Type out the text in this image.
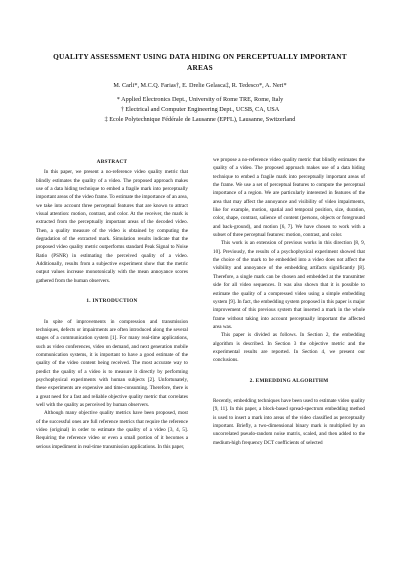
QUALITY ASSESSMENT USING DATA HIDING ON PERCEPTUALLY IMPORTANT AREAS
M. Carli*, M.C.Q. Farias†, E. Drelie Gelasca‡, R. Tedesco*, A. Neri*
* Applied Electronics Dept., University of Rome TRE, Rome, Italy
† Electrical and Computer Engineering Dept., UCSB, CA, USA
‡ Ecole Polytechnique Fédérale de Lausanne (EPFL), Lausanne, Switzerland
ABSTRACT

In this paper, we present a no-reference video quality metric that blindly estimates the quality of a video. The proposed approach makes use of a data hiding technique to embed a fragile mark into perceptually important areas of the video frame. To estimate the importance of an area, we take into account three perceptual features that are known to attract visual attention: motion, contrast, and color. At the receiver, the mark is extracted from the perceptually important areas of the decoded video. Then, a quality measure of the video is obtained by computing the degradation of the extracted mark. Simulation results indicate that the proposed video quality metric outperforms standard Peak Signal to Noise Ratio (PSNR) in estimating the perceived quality of a video. Additionally, results from a subjective experiment show that the metric output values increase monotonically with the mean annoyance scores gathered from the human observers.

1. INTRODUCTION

In spite of improvements in compression and transmission techniques, defects or impairments are often introduced along the several stages of a communication system [1]. For many real-time applications, such as video conferences, video on demand, and next generation mobile communication systems, it is important to have a good estimate of the quality of the video content being received. The most accurate way to predict the quality of a video is to measure it directly by performing psychophysical experiments with human subjects [2]. Unfortunately, these experiments are expensive and time-consuming. Therefore, there is a great need for a fast and reliable objective quality metric that correlates well with the quality as perceived by human observers.

Although many objective quality metrics have been proposed, most of the successful ones are full reference metrics that require the reference video (original) in order to estimate the quality of a video [3, 4, 5]. Requiring the reference video or even a small portion of it becomes a serious impediment in real-time transmission applications. In this paper,

we propose a no-reference video quality metric that blindly estimates the quality of a video. The proposed approach makes use of a data hiding technique to embed a fragile mark into perceptually important areas of the frame. We use a set of perceptual features to compute the perceptual importance of a region. We are particularly interested in features of the area that may affect the annoyance and visibility of video impairments, like for example, motion, spatial and temporal position, size, duration, color, shape, contrast, salience of content (persons, objects or foreground and back-ground), and motion [6, 7]. We have chosen to work with a subset of three perceptual features: motion, contrast, and color.

This work is an extension of previous works in this direction [8, 9, 10]. Previously, the results of a psychophysical experiment showed that the choice of the mark to be embedded into a video does not affect the visibility and annoyance of the embedding artifacts significantly [8]. Therefore, a single mark can be chosen and embedded at the transmitter side for all video sequences. It was also shown that it is possible to estimate the quality of a compressed video using a simple embedding system [9]. In fact, the embedding system proposed in this paper is major improvement of this previous system that inserted a mark in the whole frame without taking into account perceptually important the affected area was.

This paper is divided as follows. In Section 2, the embedding algorithm is described. In Section 3 the objective metric and the experimental results are reported. In Section 4, we present our conclusions.

2. EMBEDDING ALGORITHM

Recently, embedding techniques have been used to estimate video quality [9, 11]. In this paper, a block-based spread-spectrum embedding method is used to insert a mark into areas of the video classified as perceptually important. Briefly, a two-dimensional binary mark is multiplied by an uncorrelated pseudo-random noise matrix, scaled, and then added to the medium-high frequency DCT coefficients of selected
